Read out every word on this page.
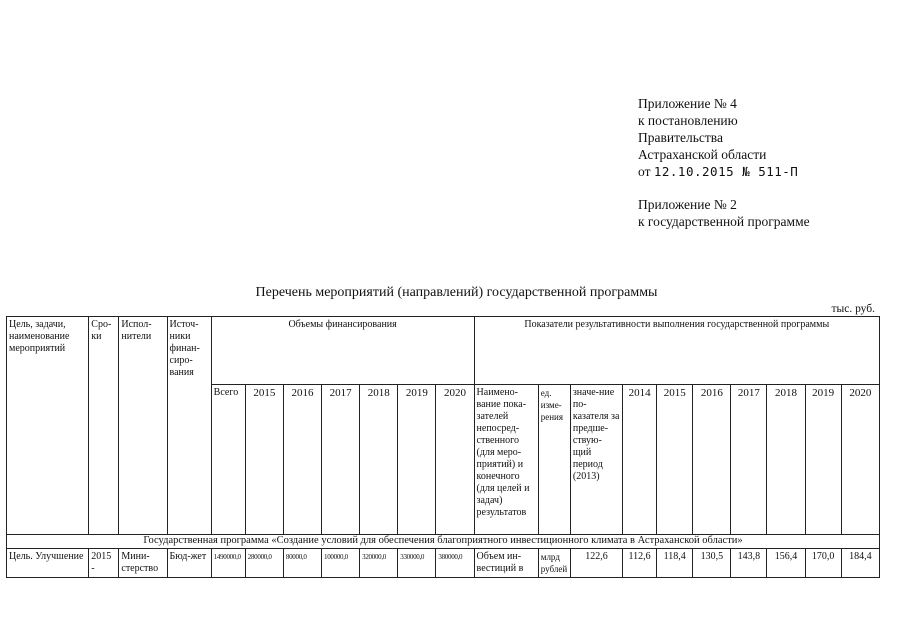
Приложение № 4
к постановлению
Правительства
Астраханской области
от 12.10.2015 № 511-П
Приложение № 2
к государственной программе
Перечень мероприятий (направлений) государственной программы
тыс. руб.
Цель, задачи, наименование мероприятий	Сро-ки	Испол-нители	Источ-ники финан-сиро-вания	Объемы финансирования							Показатели результативности выполнения государственной программы									
				Всего	2015	2016	2017	2018	2019	2020	Наимено-вание пока-зателей непосред-ственного (для меро-приятий) и конечного (для целей и задач) результатов	ед. изме-рения	значе-ние по-казателя за предше-ствую-щий период (2013)	2014	2015	2016	2017	2018	2019	2020
Государственная программа «Создание условий для обеспечения благоприятного инвестиционного климата в Астраханской области»																				
Цель. Улучшение	2015 -	Мини-стерство	Бюд-жет	1490000,0	280000,0	80000,0	100000,0	320000,0	330000,0	380000,0	Объем ин-вестиций в	млрд рублей	122,6	112,6	118,4	130,5	143,8	156,4	170,0	184,4
